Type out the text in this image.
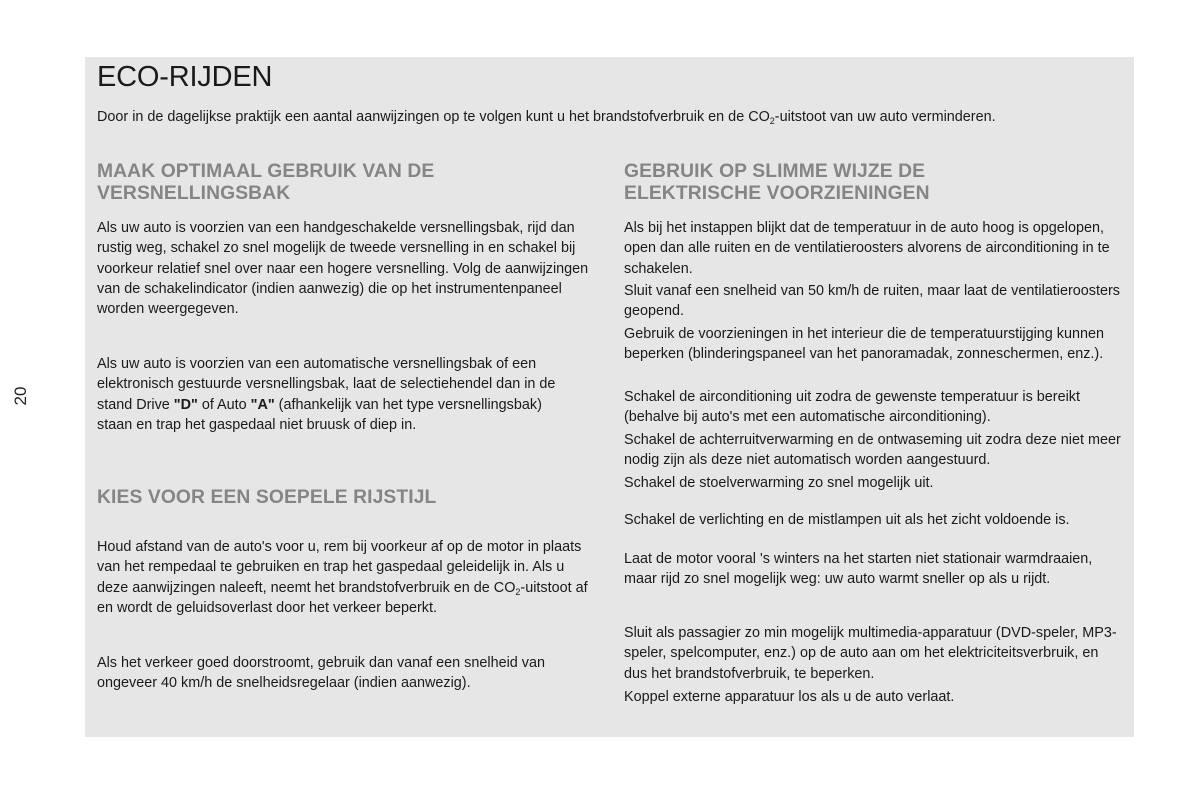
20
ECO-RIJDEN

Door in de dagelijkse praktijk een aantal aanwijzingen op te volgen kunt u het brandstofverbruik en de $CO_2$-uitstoot van uw auto verminderen.

MAAK OPTIMAAL GEBRUIK VAN DE VERSNELLINGSBAK

Als uw auto is voorzien van een handgeschakelde versnellingsbak, rijd dan rustig weg, schakel zo snel mogelijk de tweede versnelling in en schakel bij voorkeur relatief snel over naar een hogere versnelling. Volg de aanwijzingen van de schakelindicator (indien aanwezig) die op het instrumentenpaneel worden weergegeven.

Als uw auto is voorzien van een automatische versnellingsbak of een elektronisch gestuurde versnellingsbak, laat de selectiehendel dan in de stand Drive "D" of Auto "A" (afhankelijk van het type versnellingsbak) staan en trap het gaspedaal niet bruusk of diep in.

KIES VOOR EEN SOEPELE RIJSTIJL

Houd afstand van de auto's voor u, rem bij voorkeur af op de motor in plaats van het rempedaal te gebruiken en trap het gaspedaal geleidelijk in. Als u deze aanwijzingen naleeft, neemt het brandstofverbruik en de $CO_2$-uitstoot af en wordt de geluidsoverlast door het verkeer beperkt.

Als het verkeer goed doorstroomt, gebruik dan vanaf een snelheid van ongeveer 40 km/h de snelheidsregelaar (indien aanwezig).

GEBRUIK OP SLIMME WIJZE DE ELEKTRISCHE VOORZIENINGEN

Als bij het instappen blijkt dat de temperatuur in de auto hoog is opgelopen, open dan alle ruiten en de ventilatieroosters alvorens de airconditioning in te schakelen.

Sluit vanaf een snelheid van 50 km/h de ruiten, maar laat de ventilatieroosters geopend.

Gebruik de voorzieningen in het interieur die de temperatuurstijging kunnen beperken (blinderingspaneel van het panoramadak, zonneschermen, enz.).

Schakel de airconditioning uit zodra de gewenste temperatuur is bereikt (behalve bij auto's met een automatische airconditioning).

Schakel de achterruitverwarming en de ontwaseming uit zodra deze niet meer nodig zijn als deze niet automatisch worden aangestuurd.

Schakel de stoelverwarming zo snel mogelijk uit.

Schakel de verlichting en de mistlampen uit als het zicht voldoende is.

Laat de motor vooral 's winters na het starten niet stationair warmdraaien, maar rijd zo snel mogelijk weg: uw auto warmt sneller op als u rijdt.

Sluit als passagier zo min mogelijk multimedia-apparatuur (DVD-speler, MP3-speler, spelcomputer, enz.) op de auto aan om het elektriciteitsverbruik, en dus het brandstofverbruik, te beperken.

Koppel externe apparatuur los als u de auto verlaat.
